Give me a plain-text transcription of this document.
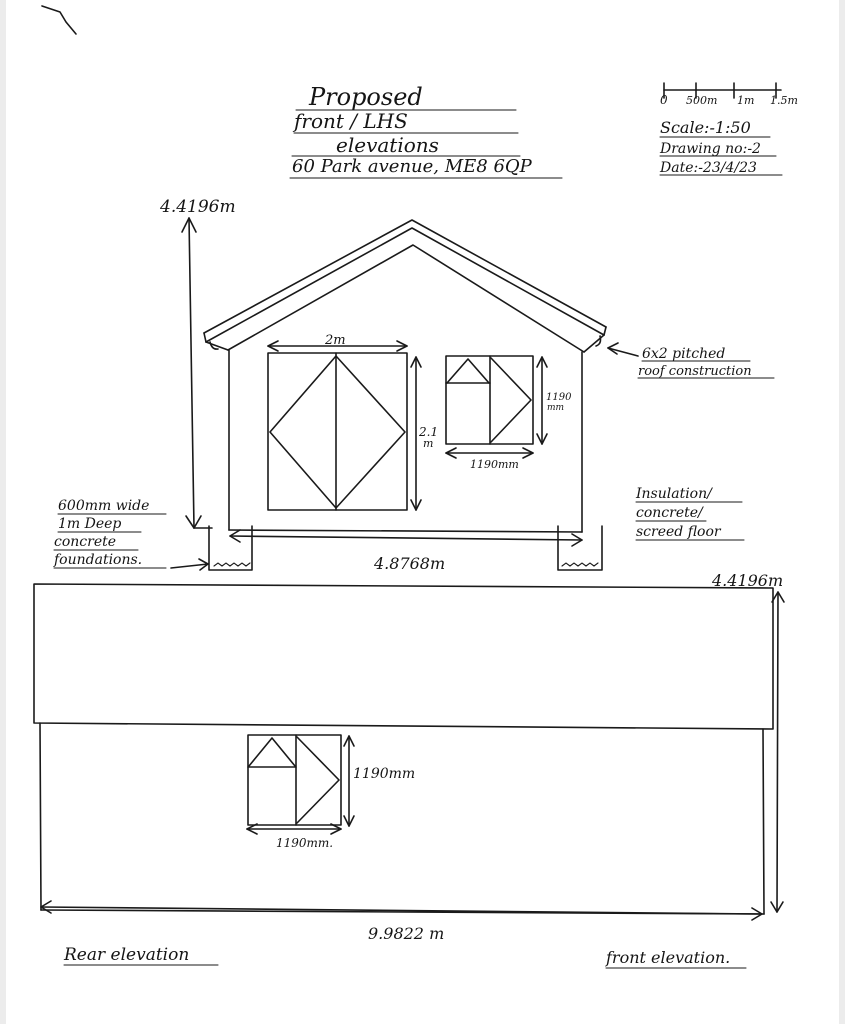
Proposed
front / LHS
elevations
60 Park avenue, ME8 6QP
0 500m 1m 1.5m
Scale:-1:50
Drawing no:-2
Date:-23/4/23
4.4196m
2m
2.1
m
1190
mm
1190mm
4.8768m
600mm wide
1m Deep
concrete
foundations.
6x2 pitched
roof construction
Insulation/
concrete/
screed floor
4.4196m
1190mm
1190mm.
9.9822 m
Rear elevation	front elevation.
